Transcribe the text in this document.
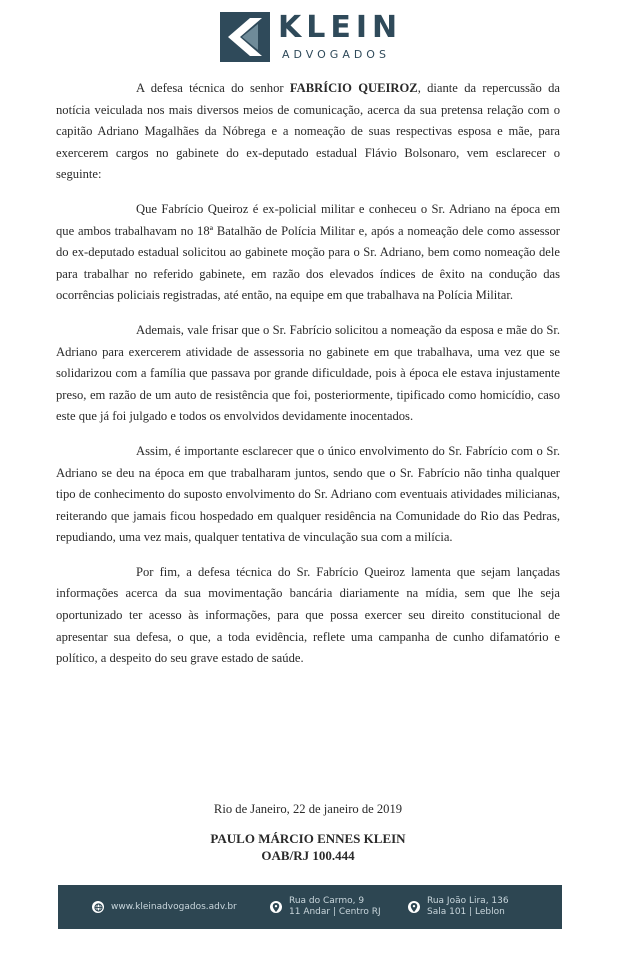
KLEIN
ADVOGADOS

A defesa técnica do senhor FABRÍCIO QUEIROZ, diante da repercussão da notícia veiculada nos mais diversos meios de comunicação, acerca da sua pretensa relação com o capitão Adriano Magalhães da Nóbrega e a nomeação de suas respectivas esposa e mãe, para exercerem cargos no gabinete do ex-deputado estadual Flávio Bolsonaro, vem esclarecer o seguinte:

Que Fabrício Queiroz é ex-policial militar e conheceu o Sr. Adriano na época em que ambos trabalhavam no 18ª Batalhão de Polícia Militar e, após a nomeação dele como assessor do ex-deputado estadual solicitou ao gabinete moção para o Sr. Adriano, bem como nomeação dele para trabalhar no referido gabinete, em razão dos elevados índices de êxito na condução das ocorrências policiais registradas, até então, na equipe em que trabalhava na Polícia Militar.

Ademais, vale frisar que o Sr. Fabrício solicitou a nomeação da esposa e mãe do Sr. Adriano para exercerem atividade de assessoria no gabinete em que trabalhava, uma vez que se solidarizou com a família que passava por grande dificuldade, pois à época ele estava injustamente preso, em razão de um auto de resistência que foi, posteriormente, tipificado como homicídio, caso este que já foi julgado e todos os envolvidos devidamente inocentados.

Assim, é importante esclarecer que o único envolvimento do Sr. Fabrício com o Sr. Adriano se deu na época em que trabalharam juntos, sendo que o Sr. Fabrício não tinha qualquer tipo de conhecimento do suposto envolvimento do Sr. Adriano com eventuais atividades milicianas, reiterando que jamais ficou hospedado em qualquer residência na Comunidade do Rio das Pedras, repudiando, uma vez mais, qualquer tentativa de vinculação sua com a milícia.

Por fim, a defesa técnica do Sr. Fabrício Queiroz lamenta que sejam lançadas informações acerca da sua movimentação bancária diariamente na mídia, sem que lhe seja oportunizado ter acesso às informações, para que possa exercer seu direito constitucional de apresentar sua defesa, o que, a toda evidência, reflete uma campanha de cunho difamatório e político, a despeito do seu grave estado de saúde.

Rio de Janeiro, 22 de janeiro de 2019
PAULO MÁRCIO ENNES KLEIN
OAB/RJ 100.444
www.kleinadvogados.adv.br
Rua do Carmo, 9
11 Andar | Centro RJ
Rua João Lira, 136
Sala 101 | Leblon
